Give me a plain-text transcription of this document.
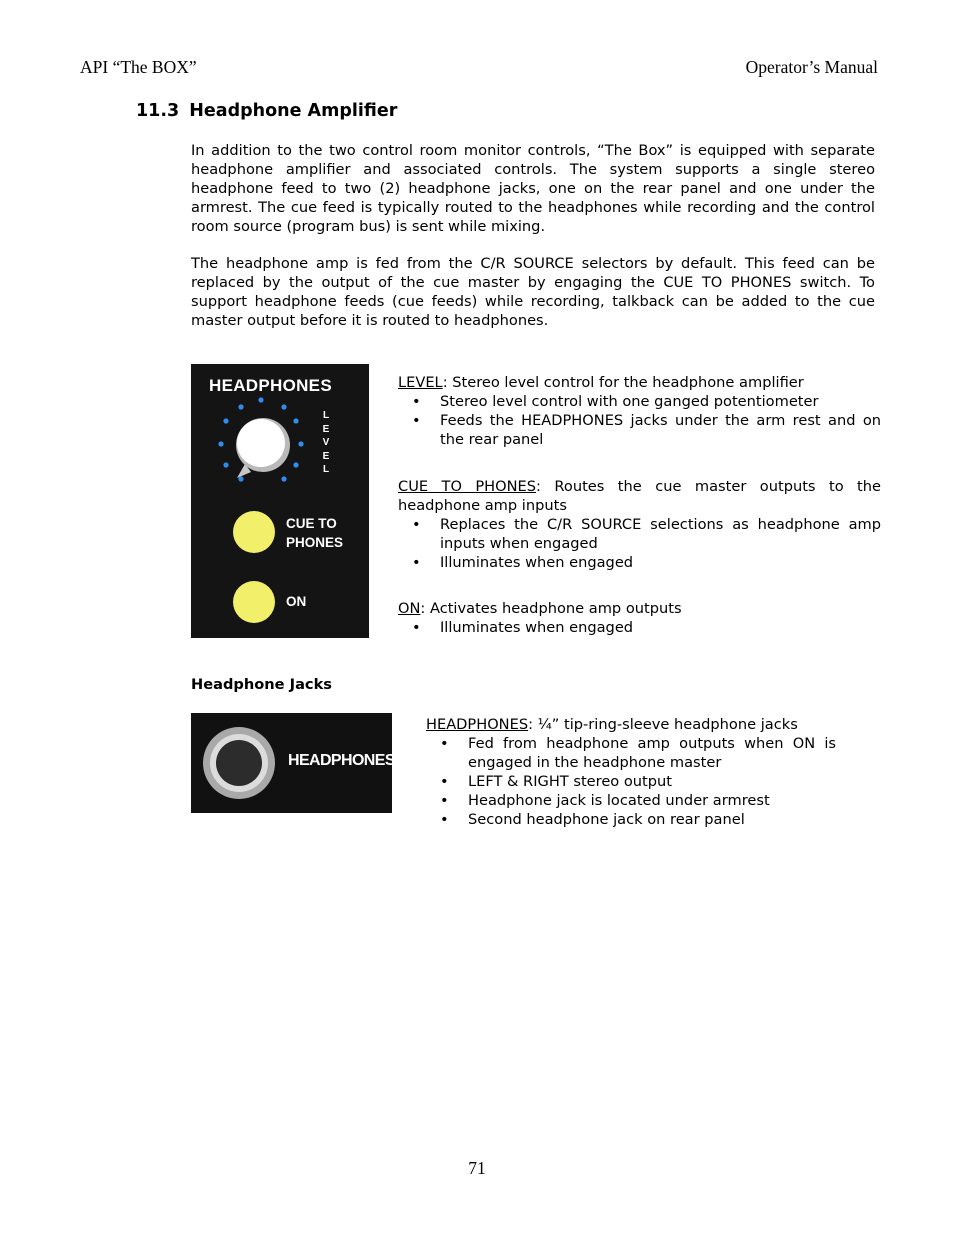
API “The BOX”	Operator’s Manual
11.3 Headphone Amplifier

In addition to the two control room monitor controls, “The Box” is equipped with separate headphone amplifier and associated controls. The system supports a single stereo headphone feed to two (2) headphone jacks, one on the rear panel and one under the armrest. The cue feed is typically routed to the headphones while recording and the control room source (program bus) is sent while mixing.

The headphone amp is fed from the C/R SOURCE selectors by default. This feed can be replaced by the output of the cue master by engaging the CUE TO PHONES switch. To support headphone feeds (cue feeds) while recording, talkback can be added to the cue master output before it is routed to headphones.

HEADPHONES
LEVEL
CUE TO
PHONES
ON
LEVEL: Stereo level control for the headphone amplifier
• Stereo level control with one ganged potentiometer
• Feeds the HEADPHONES jacks under the arm rest and on the rear panel
CUE TO PHONES: Routes the cue master outputs to the headphone amp inputs
• Replaces the C/R SOURCE selections as headphone amp inputs when engaged
• Illuminates when engaged
ON: Activates headphone amp outputs
• Illuminates when engaged
Headphone Jacks
HEADPHONES
HEADPHONES: ¼” tip-ring-sleeve headphone jacks
• Fed from headphone amp outputs when ON is engaged in the headphone master
• LEFT & RIGHT stereo output
• Headphone jack is located under armrest
• Second headphone jack on rear panel
71
